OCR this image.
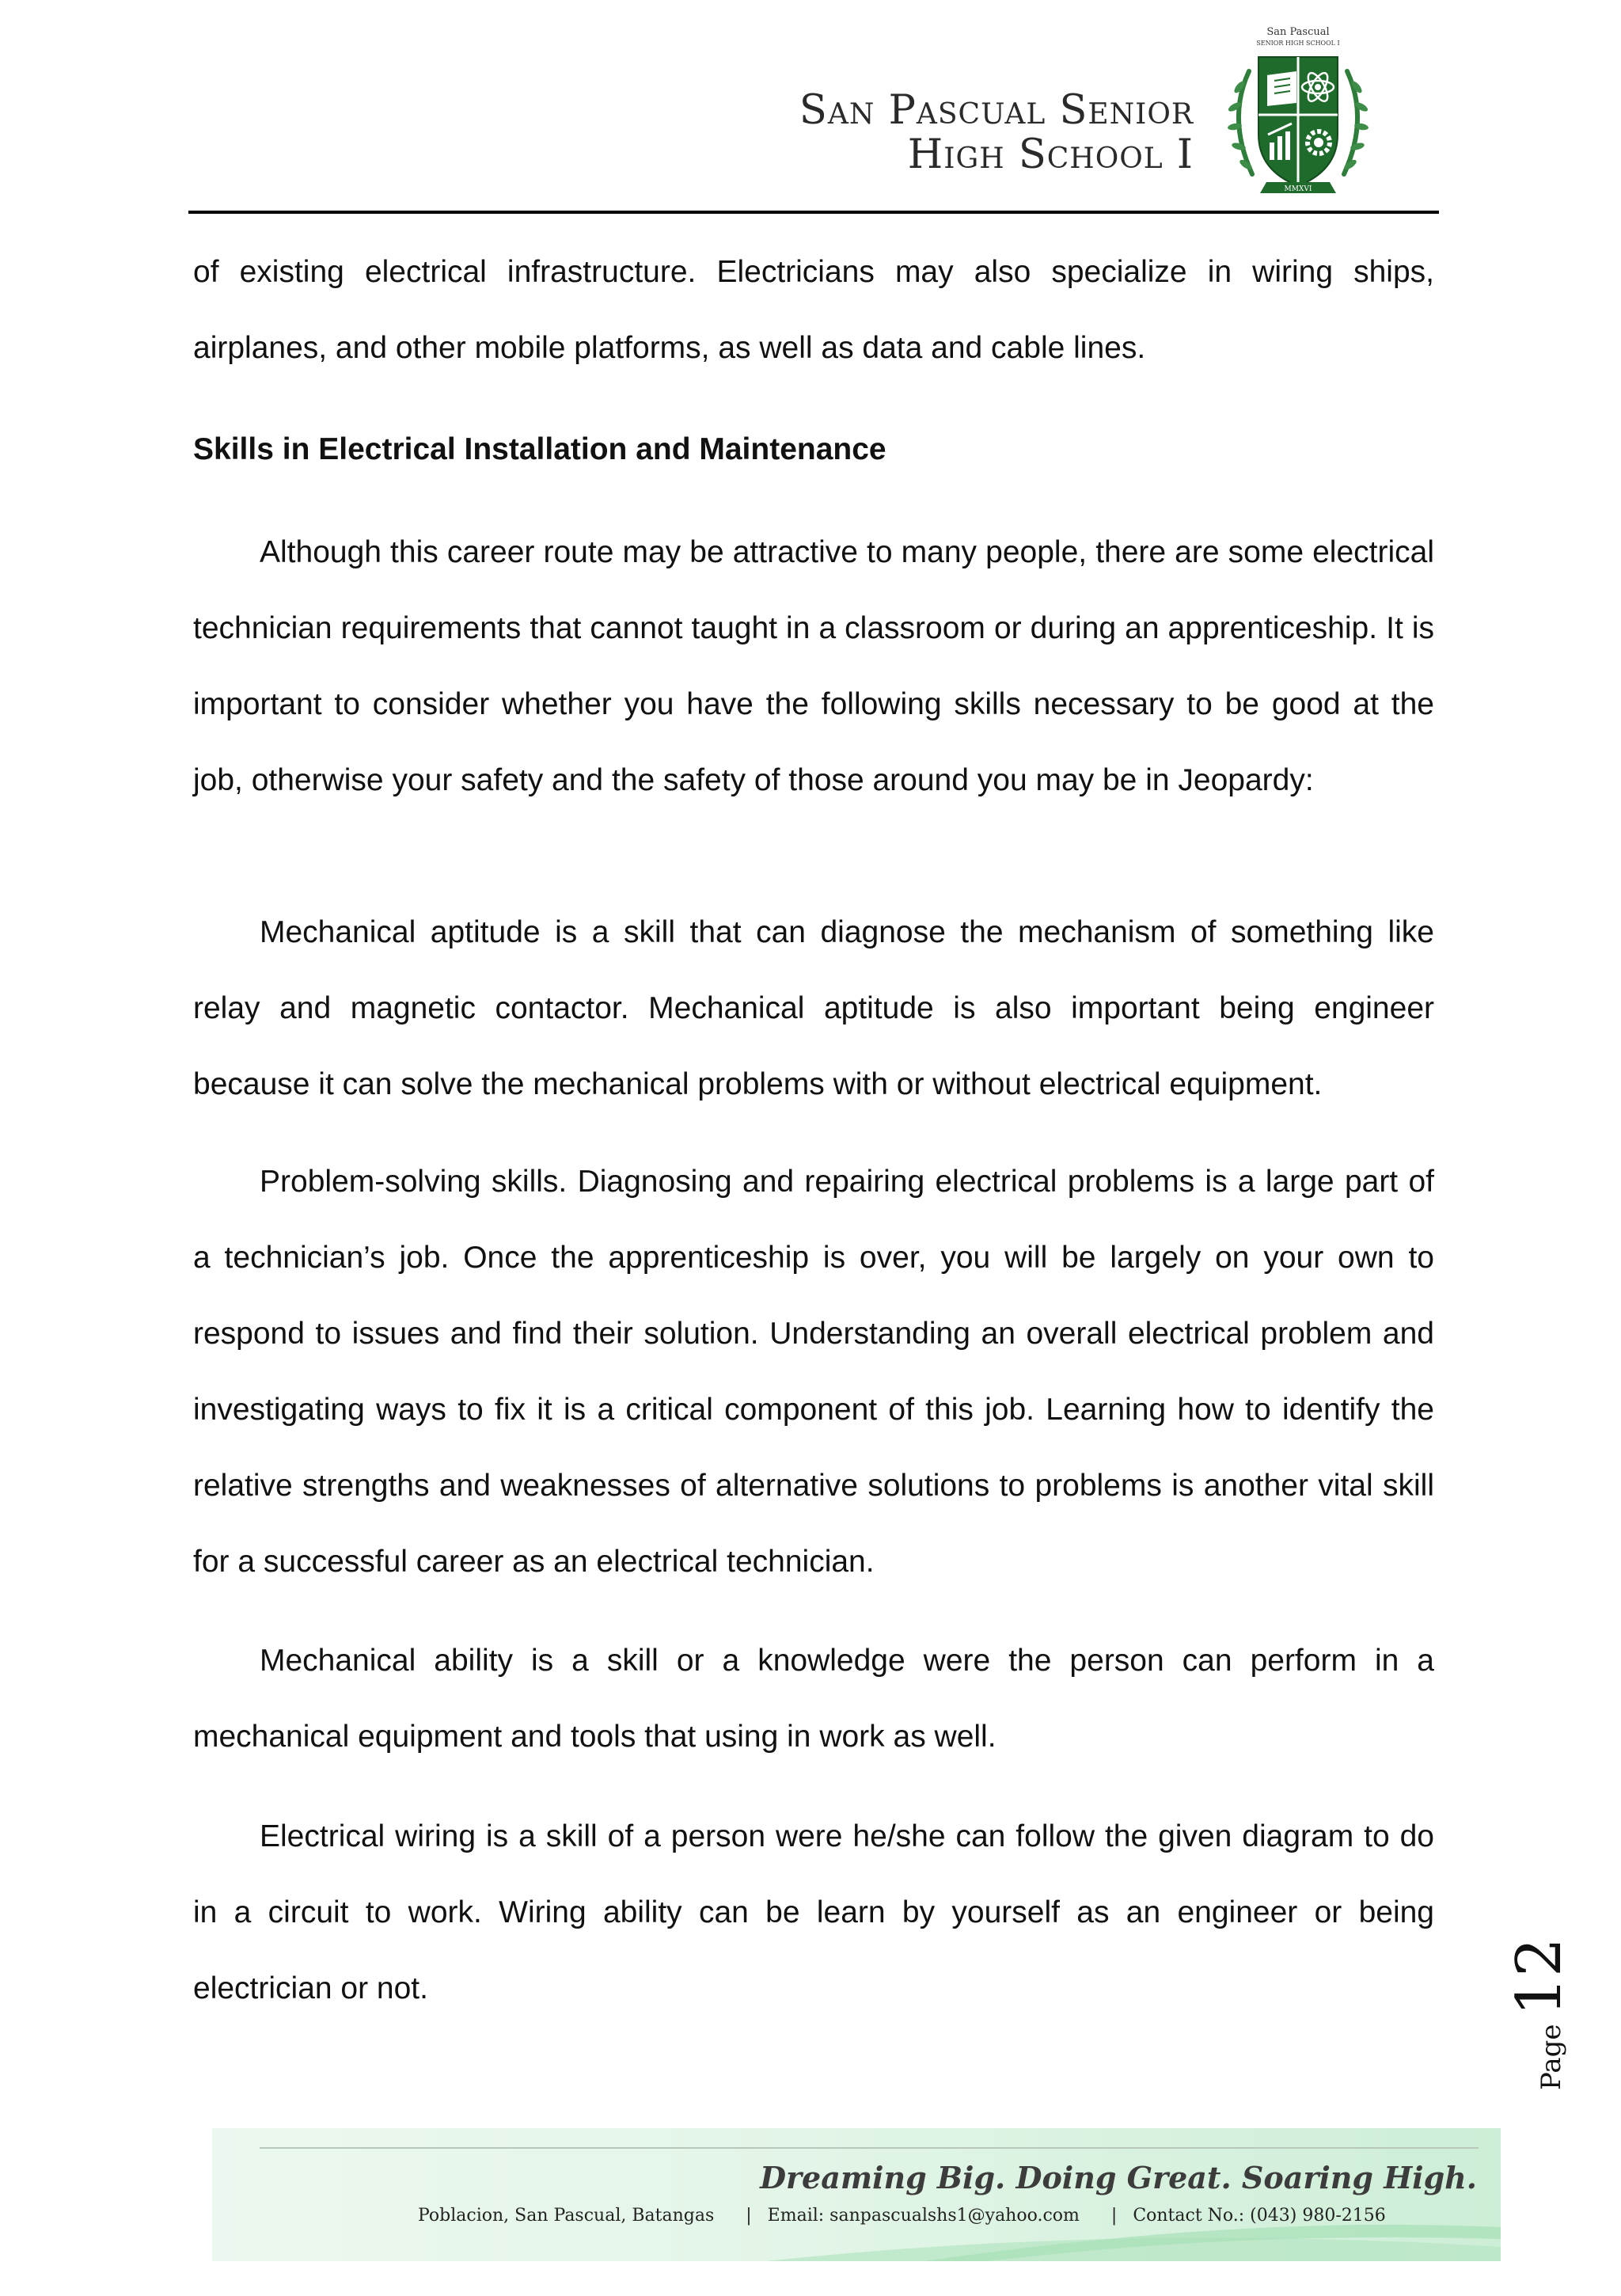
San Pascual Senior
High School I
San Pascual
SENIOR HIGH SCHOOL I
MMXVI

of existing electrical infrastructure. Electricians may also specialize in wiring ships, airplanes, and other mobile platforms, as well as data and cable lines.

Skills in Electrical Installation and Maintenance

Although this career route may be attractive to many people, there are some electrical technician requirements that cannot taught in a classroom or during an apprenticeship. It is important to consider whether you have the following skills necessary to be good at the job, otherwise your safety and the safety of those around you may be in Jeopardy:

Mechanical aptitude is a skill that can diagnose the mechanism of something like relay and magnetic contactor. Mechanical aptitude is also important being engineer because it can solve the mechanical problems with or without electrical equipment.

Problem-solving skills. Diagnosing and repairing electrical problems is a large part of a technician’s job. Once the apprenticeship is over, you will be largely on your own to respond to issues and find their solution. Understanding an overall electrical problem and investigating ways to fix it is a critical component of this job. Learning how to identify the relative strengths and weaknesses of alternative solutions to problems is another vital skill for a successful career as an electrical technician.

Mechanical ability is a skill or a knowledge were the person can perform in a mechanical equipment and tools that using in work as well.

Electrical wiring is a skill of a person were he/she can follow the given diagram to do in a circuit to work. Wiring ability can be learn by yourself as an engineer or being electrician or not.

Page12
Dreaming Big. Doing Great. Soaring High.
Poblacion, San Pascual, Batangas | Email: sanpascualshs1@yahoo.com | Contact No.: (043) 980-2156
